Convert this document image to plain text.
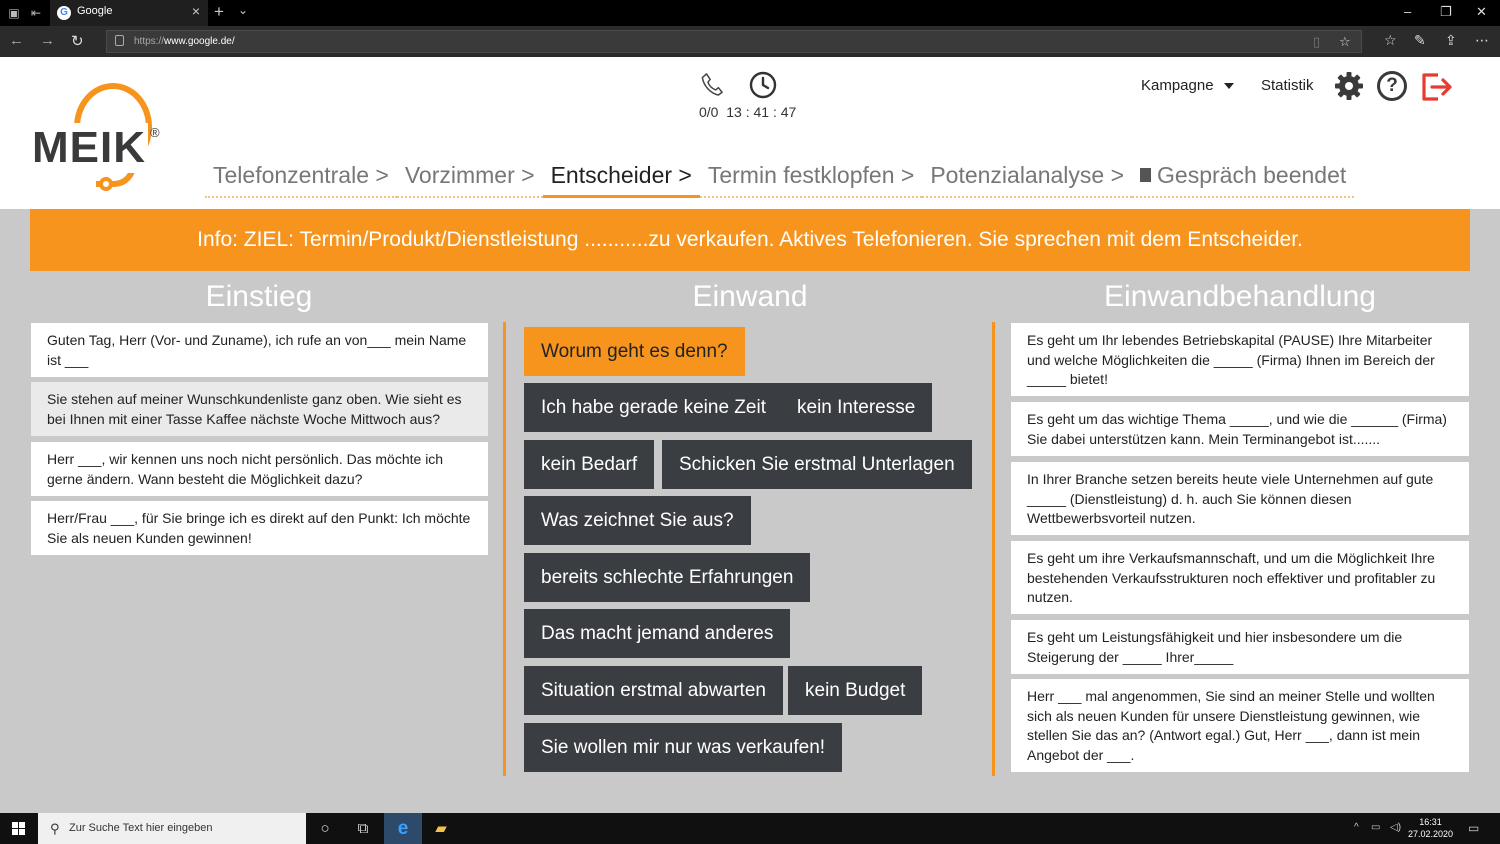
▣ ⇤	G Google	× + ⌄	– ❐ ✕
← → ↻	https://www.google.de/	▯ ☆ ☆ ✎ ⇪ ⋯
MEIK ®
0/0 13 : 41 : 47
Kampagne	Statistik	?
Telefonzentrale > Vorzimmer > Entscheider > Termin festklopfen > Potenzialanalyse >	Gespräch beendet
Info: ZIEL: Termin/Produkt/Dienstleistung ...........zu verkaufen. Aktives Telefonieren. Sie sprechen mit dem Entscheider.
Einstieg	Einwand	Einwandbehandlung
Guten Tag, Herr (Vor- und Zuname), ich rufe an von___ mein Name ist ___
Sie stehen auf meiner Wunschkundenliste ganz oben. Wie sieht es bei Ihnen mit einer Tasse Kaffee nächste Woche Mittwoch aus?
Herr ___, wir kennen uns noch nicht persönlich. Das möchte ich gerne ändern. Wann besteht die Möglichkeit dazu?
Herr/Frau ___, für Sie bringe ich es direkt auf den Punkt: Ich möchte Sie als neuen Kunden gewinnen!
Worum geht es denn?
Ich habe gerade keine Zeit	kein Interesse
kein Bedarf	Schicken Sie erstmal Unterlagen
Was zeichnet Sie aus?
bereits schlechte Erfahrungen
Das macht jemand anderes
Situation erstmal abwarten	kein Budget
Sie wollen mir nur was verkaufen!
Es geht um Ihr lebendes Betriebskapital (PAUSE) Ihre Mitarbeiter und welche Möglichkeiten die _____ (Firma) Ihnen im Bereich der _____ bietet!
Es geht um das wichtige Thema _____, und wie die ______ (Firma) Sie dabei unterstützen kann. Mein Terminangebot ist.......
In Ihrer Branche setzen bereits heute viele Unternehmen auf gute _____ (Dienstleistung) d. h. auch Sie können diesen Wettbewerbsvorteil nutzen.
Es geht um ihre Verkaufsmannschaft, und um die Möglichkeit Ihre bestehenden Verkaufsstrukturen noch effektiver und profitabler zu nutzen.
Es geht um Leistungsfähigkeit und hier insbesondere um die Steigerung der _____ Ihrer_____
Herr ___ mal angenommen, Sie sind an meiner Stelle und wollten sich als neuen Kunden für unsere Dienstleistung gewinnen, wie stellen Sie das an? (Antwort egal.) Gut, Herr ___, dann ist mein Angebot der ___.
⚲ Zur Suche Text hier eingeben	○	⧉	e	▰	^ ▭ ◁)	16:31
27.02.2020 ▭
